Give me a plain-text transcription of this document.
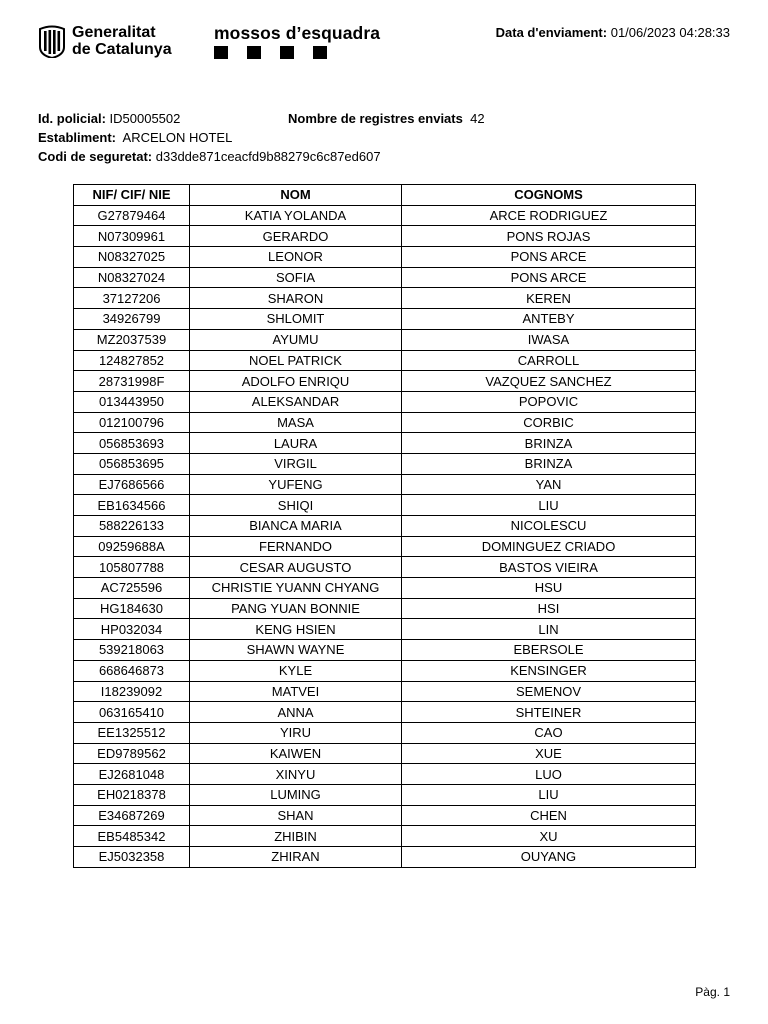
Generalitat
de Catalunya
mossos d’esquadra	Data d'enviament: 01/06/2023 04:28:33
Id. policial: ID50005502	Nombre de registres enviats 42
Establiment: ARCELON HOTEL
Codi de seguretat: d33dde871ceacfd9b88279c6c87ed607
NIF/ CIF/ NIE	NOM	COGNOMS
G27879464	KATIA YOLANDA	ARCE RODRIGUEZ
N07309961	GERARDO	PONS ROJAS
N08327025	LEONOR	PONS ARCE
N08327024	SOFIA	PONS ARCE
37127206	SHARON	KEREN
34926799	SHLOMIT	ANTEBY
MZ2037539	AYUMU	IWASA
124827852	NOEL PATRICK	CARROLL
28731998F	ADOLFO ENRIQU	VAZQUEZ SANCHEZ
013443950	ALEKSANDAR	POPOVIC
012100796	MASA	CORBIC
056853693	LAURA	BRINZA
056853695	VIRGIL	BRINZA
EJ7686566	YUFENG	YAN
EB1634566	SHIQI	LIU
588226133	BIANCA MARIA	NICOLESCU
09259688A	FERNANDO	DOMINGUEZ CRIADO
105807788	CESAR AUGUSTO	BASTOS VIEIRA
AC725596	CHRISTIE YUANN CHYANG	HSU
HG184630	PANG YUAN BONNIE	HSI
HP032034	KENG HSIEN	LIN
539218063	SHAWN WAYNE	EBERSOLE
668646873	KYLE	KENSINGER
I18239092	MATVEI	SEMENOV
063165410	ANNA	SHTEINER
EE1325512	YIRU	CAO
ED9789562	KAIWEN	XUE
EJ2681048	XINYU	LUO
EH0218378	LUMING	LIU
E34687269	SHAN	CHEN
EB5485342	ZHIBIN	XU
EJ5032358	ZHIRAN	OUYANG
Pàg. 1
